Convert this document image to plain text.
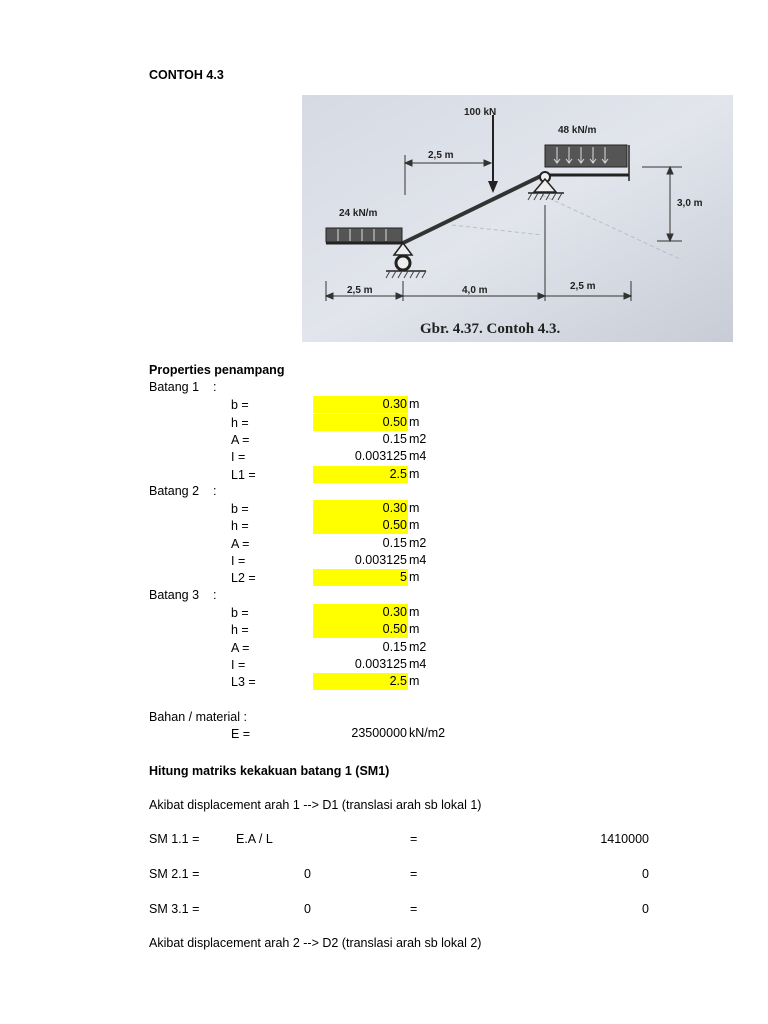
CONTOH 4.3
24 kN/m
48 kN/m
100 kN
2,5 m
3,0 m
2,5 m	4,0 m	2,5 m
Gbr. 4.37. Contoh 4.3.
Properties penampang
Batang 1 :
b =	0.30 m
h =	0.50 m
A =	0.15 m2
I =	0.003125 m4
L1 =	2.5 m
Batang 2 :
b =	0.30 m
h =	0.50 m
A =	0.15 m2
I =	0.003125 m4
L2 =	5 m
Batang 3 :
b =	0.30 m
h =	0.50 m
A =	0.15 m2
I =	0.003125 m4
L3 =	2.5 m
Bahan / material :
E =	23500000 kN/m2
Hitung matriks kekakuan batang 1 (SM1)
Akibat displacement arah 1 --> D1 (translasi arah sb lokal 1)
SM 1.1 =	E.A / L	=	1410000
SM 2.1 =	0	=	0
SM 3.1 =	0	=	0
Akibat displacement arah 2 --> D2 (translasi arah sb lokal 2)
